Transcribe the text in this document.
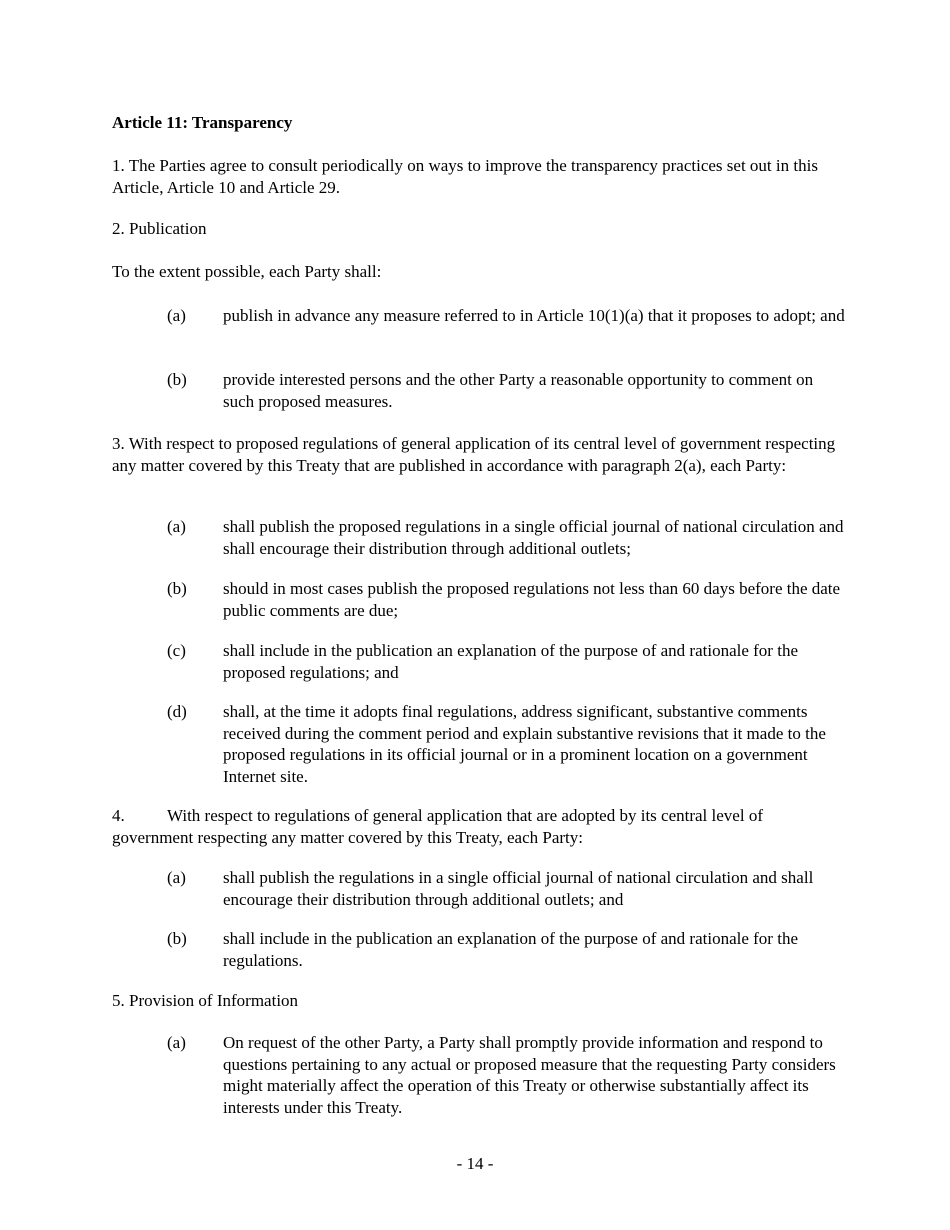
Article 11: Transparency

1. The Parties agree to consult periodically on ways to improve the transparency practices set out in this Article, Article 10 and Article 29.

2. Publication

To the extent possible, each Party shall:

(a) publish in advance any measure referred to in Article 10(1)(a) that it proposes to adopt; and
(b) provide interested persons and the other Party a reasonable opportunity to comment on such proposed measures.

3. With respect to proposed regulations of general application of its central level of government respecting any matter covered by this Treaty that are published in accordance with paragraph 2(a), each Party:

(a) shall publish the proposed regulations in a single official journal of national circulation and shall encourage their distribution through additional outlets;
(b) should in most cases publish the proposed regulations not less than 60 days before the date public comments are due;
(c) shall include in the publication an explanation of the purpose of and rationale for the proposed regulations; and
(d) shall, at the time it adopts final regulations, address significant, substantive comments received during the comment period and explain substantive revisions that it made to the proposed regulations in its official journal or in a prominent location on a government Internet site.

4. With respect to regulations of general application that are adopted by its central level of government respecting any matter covered by this Treaty, each Party:

(a) shall publish the regulations in a single official journal of national circulation and shall encourage their distribution through additional outlets; and
(b) shall include in the publication an explanation of the purpose of and rationale for the regulations.

5. Provision of Information

(a) On request of the other Party, a Party shall promptly provide information and respond to questions pertaining to any actual or proposed measure that the requesting Party considers might materially affect the operation of this Treaty or otherwise substantially affect its interests under this Treaty.
- 14 -
